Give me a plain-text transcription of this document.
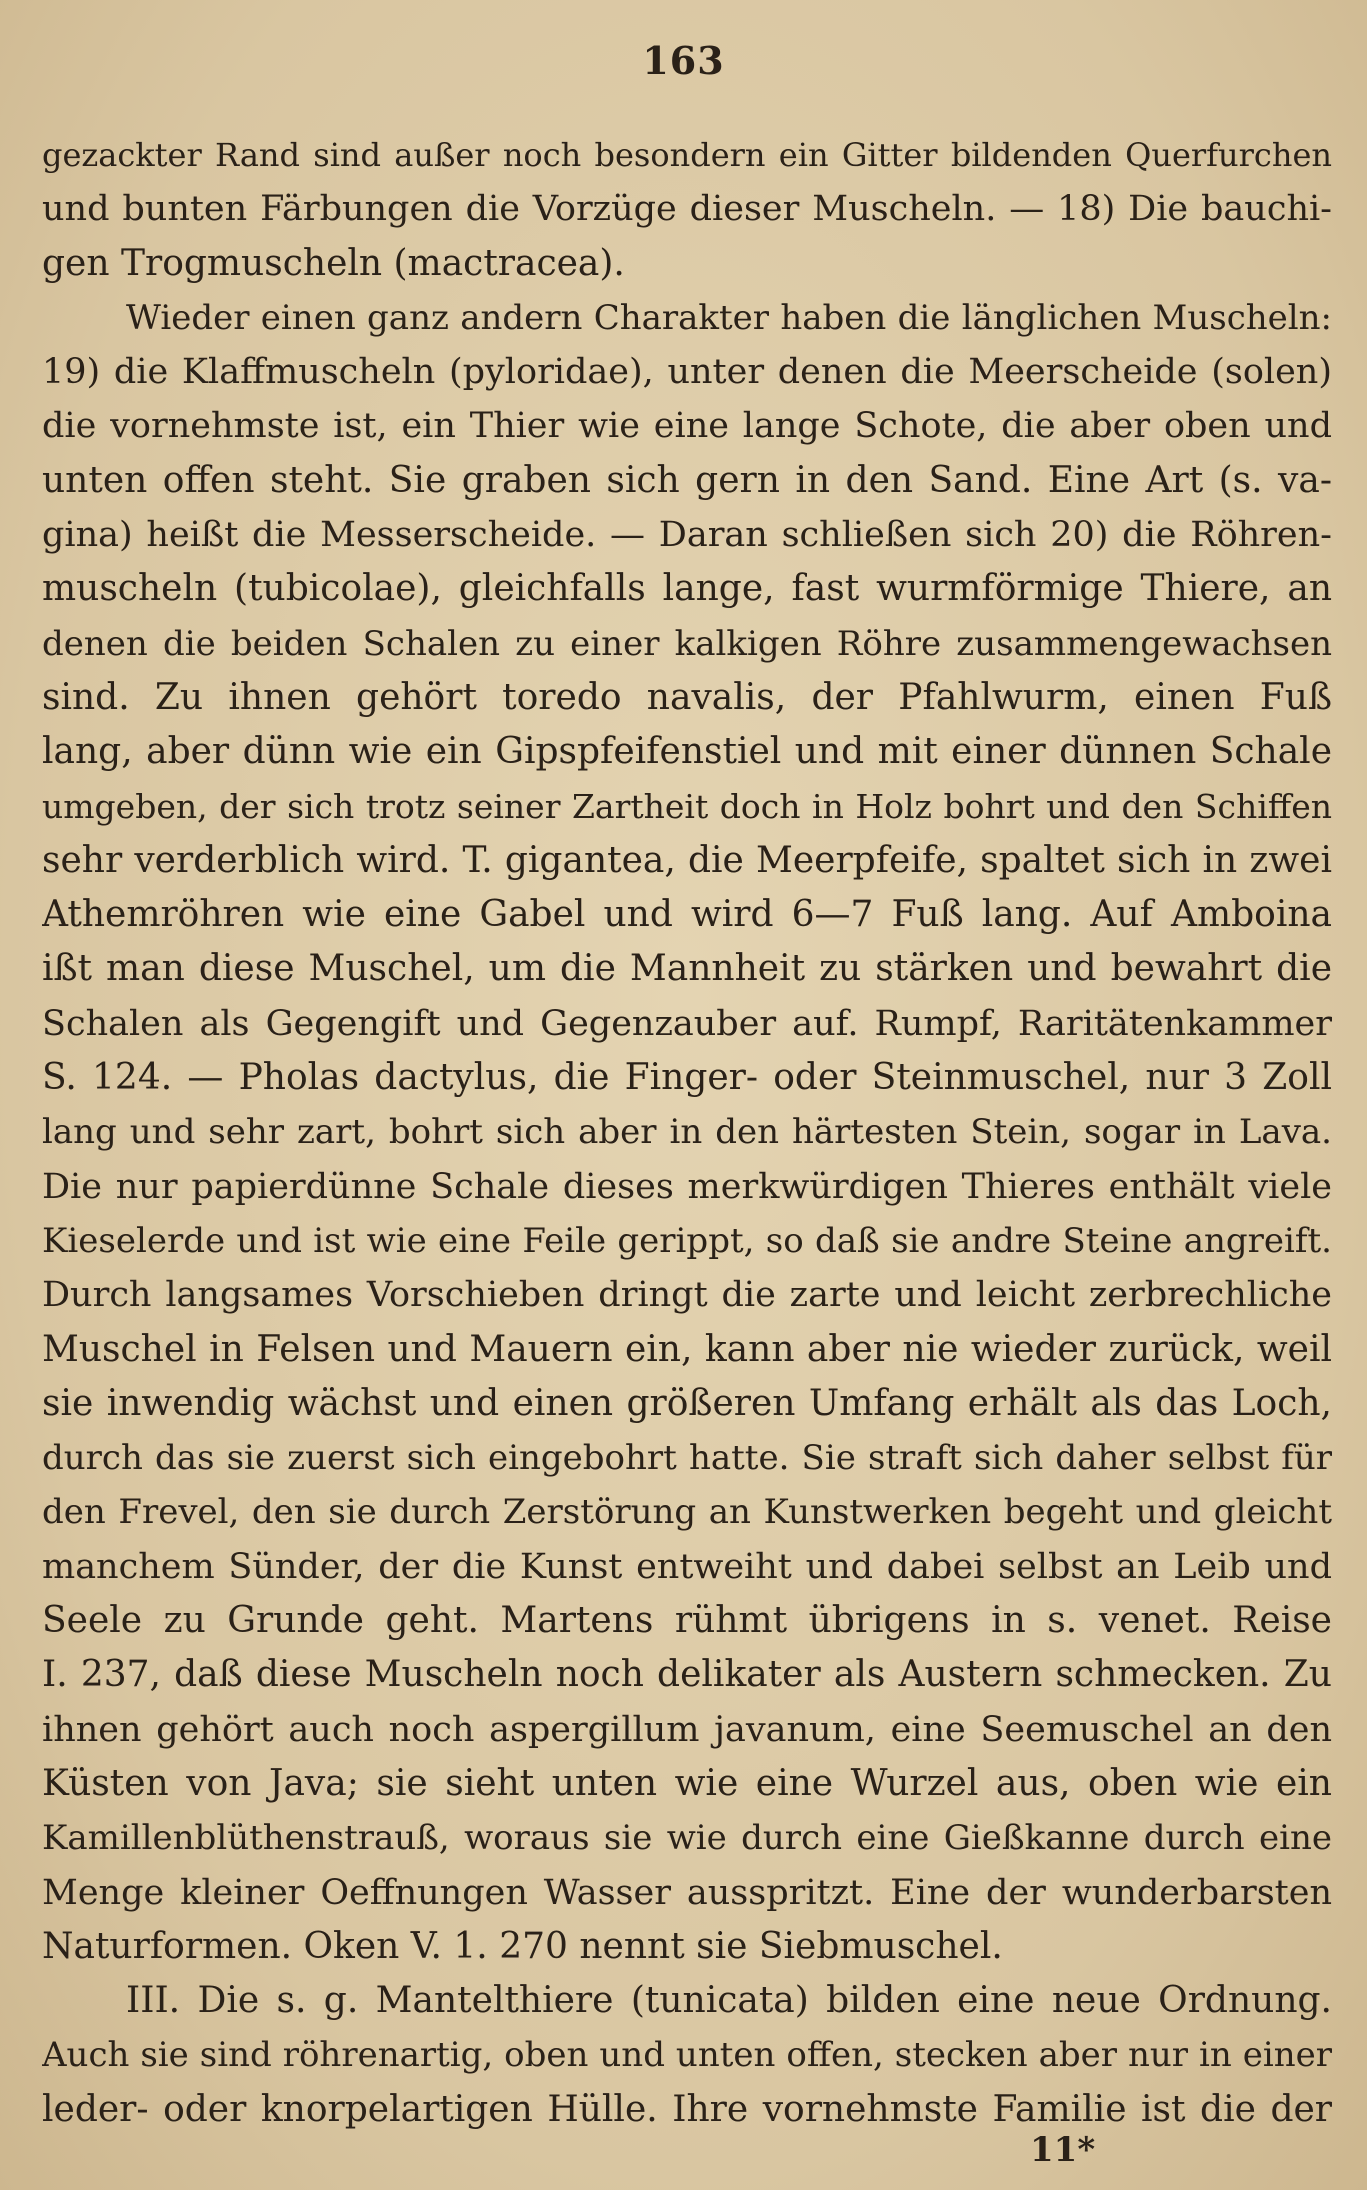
163
gezackter Rand sind außer noch besondern ein Gitter bildenden Querfurchen
und bunten Färbungen die Vorzüge dieser Muscheln. — 18) Die bauchi-
gen Trogmuscheln (mactracea).
Wieder einen ganz andern Charakter haben die länglichen Muscheln:
19) die Klaffmuscheln (pyloridae), unter denen die Meerscheide (solen)
die vornehmste ist, ein Thier wie eine lange Schote, die aber oben und
unten offen steht. Sie graben sich gern in den Sand. Eine Art (s. va-
gina) heißt die Messerscheide. — Daran schließen sich 20) die Röhren-
muscheln (tubicolae), gleichfalls lange, fast wurmförmige Thiere, an
denen die beiden Schalen zu einer kalkigen Röhre zusammengewachsen
sind. Zu ihnen gehört toredo navalis, der Pfahlwurm, einen Fuß
lang, aber dünn wie ein Gipspfeifenstiel und mit einer dünnen Schale
umgeben, der sich trotz seiner Zartheit doch in Holz bohrt und den Schiffen
sehr verderblich wird. T. gigantea, die Meerpfeife, spaltet sich in zwei
Athemröhren wie eine Gabel und wird 6—7 Fuß lang. Auf Amboina
ißt man diese Muschel, um die Mannheit zu stärken und bewahrt die
Schalen als Gegengift und Gegenzauber auf. Rumpf, Raritätenkammer
S. 124. — Pholas dactylus, die Finger- oder Steinmuschel, nur 3 Zoll
lang und sehr zart, bohrt sich aber in den härtesten Stein, sogar in Lava.
Die nur papierdünne Schale dieses merkwürdigen Thieres enthält viele
Kieselerde und ist wie eine Feile gerippt, so daß sie andre Steine angreift.
Durch langsames Vorschieben dringt die zarte und leicht zerbrechliche
Muschel in Felsen und Mauern ein, kann aber nie wieder zurück, weil
sie inwendig wächst und einen größeren Umfang erhält als das Loch,
durch das sie zuerst sich eingebohrt hatte. Sie straft sich daher selbst für
den Frevel, den sie durch Zerstörung an Kunstwerken begeht und gleicht
manchem Sünder, der die Kunst entweiht und dabei selbst an Leib und
Seele zu Grunde geht. Martens rühmt übrigens in s. venet. Reise
I. 237, daß diese Muscheln noch delikater als Austern schmecken. Zu
ihnen gehört auch noch aspergillum javanum, eine Seemuschel an den
Küsten von Java; sie sieht unten wie eine Wurzel aus, oben wie ein
Kamillenblüthenstrauß, woraus sie wie durch eine Gießkanne durch eine
Menge kleiner Oeffnungen Wasser ausspritzt. Eine der wunderbarsten
Naturformen. Oken V. 1. 270 nennt sie Siebmuschel.
III. Die s. g. Mantelthiere (tunicata) bilden eine neue Ordnung.
Auch sie sind röhrenartig, oben und unten offen, stecken aber nur in einer
leder- oder knorpelartigen Hülle. Ihre vornehmste Familie ist die der
11*
